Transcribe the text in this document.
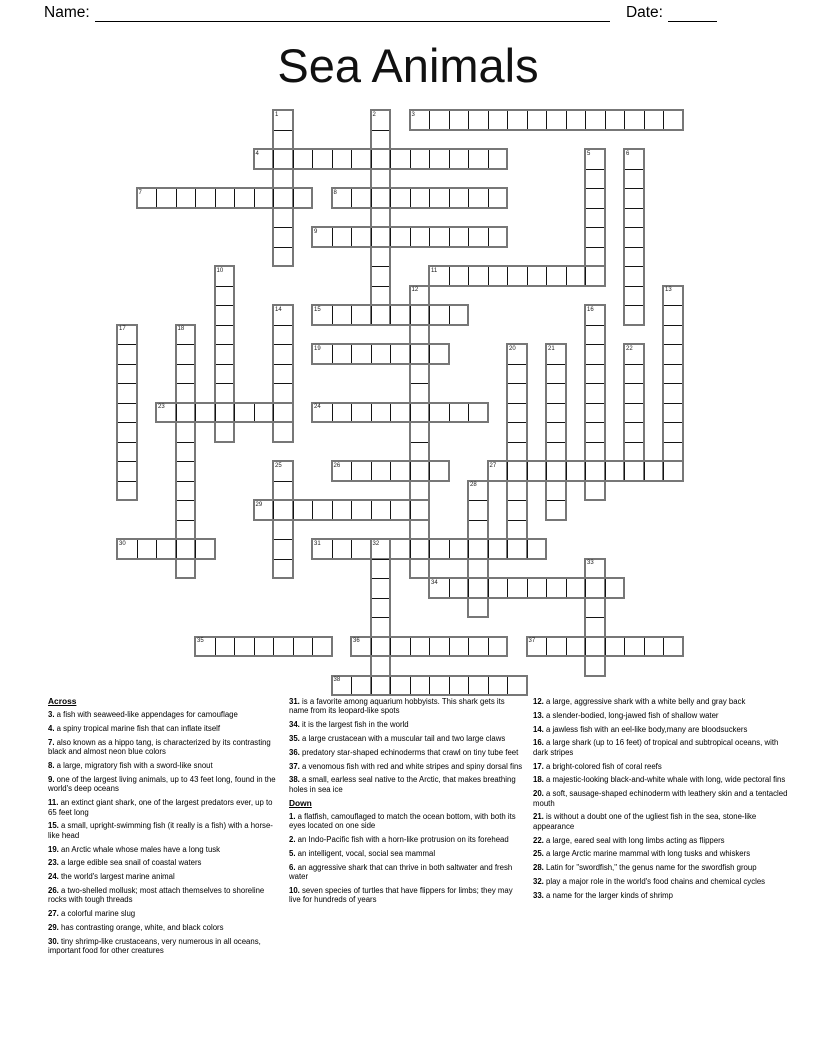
Name:	Date:
Sea Animals
1	2	3
4	5	6
7	8
9
10	11
12	13
14	15	16
17	18
19	20	21	22
23	24
25	26	27
28
29
30	31	32
33
34
35	36	37
38
Across
3. a fish with seaweed-like appendages for camouflage
4. a spiny tropical marine fish that can inflate itself
7. also known as a hippo tang, is characterized by its contrasting black and almost neon blue colors
8. a large, migratory fish with a sword-like snout
9. one of the largest living animals, up to 43 feet long, found in the world's deep oceans
11. an extinct giant shark, one of the largest predators ever, up to 65 feet long
15. a small, upright-swimming fish (it really is a fish) with a horse-like head
19. an Arctic whale whose males have a long tusk
23. a large edible sea snail of coastal waters
24. the world's largest marine animal
26. a two-shelled mollusk; most attach themselves to shoreline rocks with tough threads
27. a colorful marine slug
29. has contrasting orange, white, and black colors
30. tiny shrimp-like crustaceans, very numerous in all oceans, important food for other creatures
31. is a favorite among aquarium hobbyists. This shark gets its name from its leopard-like spots
34. it is the largest fish in the world
35. a large crustacean with a muscular tail and two large claws
36. predatory star-shaped echinoderms that crawl on tiny tube feet
37. a venomous fish with red and white stripes and spiny dorsal fins
38. a small, earless seal native to the Arctic, that makes breathing holes in sea ice
Down
1. a flatfish, camouflaged to match the ocean bottom, with both its eyes located on one side
2. an Indo-Pacific fish with a horn-like protrusion on its forehead
5. an intelligent, vocal, social sea mammal
6. an aggressive shark that can thrive in both saltwater and fresh water
10. seven species of turtles that have flippers for limbs; they may live for hundreds of years
12. a large, aggressive shark with a white belly and gray back
13. a slender-bodied, long-jawed fish of shallow water
14. a jawless fish with an eel-like body,many are bloodsuckers
16. a large shark (up to 16 feet) of tropical and subtropical oceans, with dark stripes
17. a bright-colored fish of coral reefs
18. a majestic-looking black-and-white whale with long, wide pectoral fins
20. a soft, sausage-shaped echinoderm with leathery skin and a tentacled mouth
21. is without a doubt one of the ugliest fish in the sea, stone-like appearance
22. a large, eared seal with long limbs acting as flippers
25. a large Arctic marine mammal with long tusks and whiskers
28. Latin for "swordfish," the genus name for the swordfish group
32. play a major role in the world's food chains and chemical cycles
33. a name for the larger kinds of shrimp
